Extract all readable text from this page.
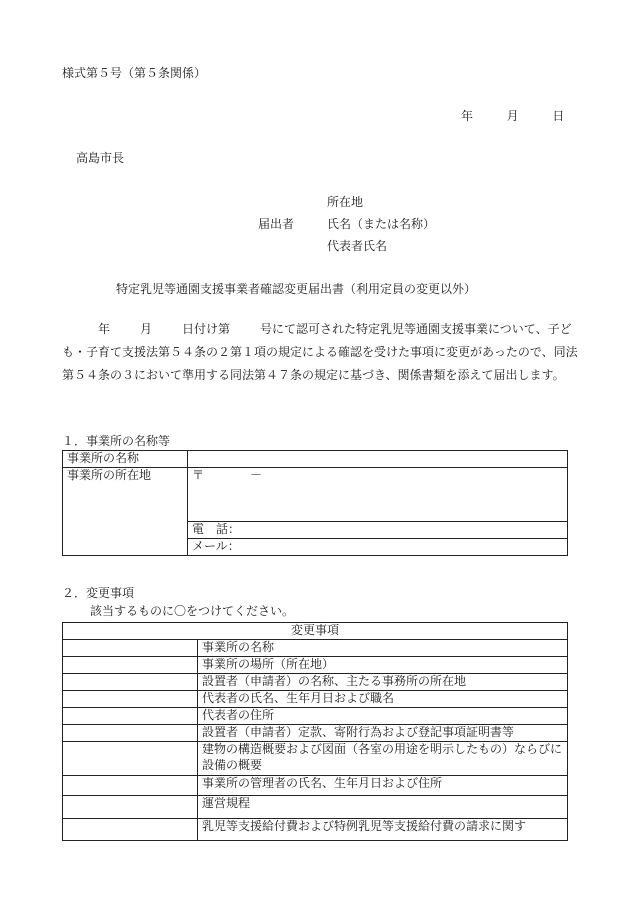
様式第５号（第５条関係）
年	月	日
高島市長
届出者
所在地
氏名（または名称）
代表者氏名
特定乳児等通園支援事業者確認変更届出書（利用定員の変更以外）
年	月	日付け第	号にて認可された特定乳児等通園支援事業について、子ども・子育て支援法第５４条の２第１項の規定による確認を受けた事項に変更があったので、同法第５４条の３において準用する同法第４７条の規定に基づき、関係書類を添えて届出します。
１．事業所の名称等
事業所の名称	
事業所の所在地	〒 －
	電　話：
	メール：
２．変更事項
該当するものに〇をつけてください。
変更事項	
	事業所の名称
	事業所の場所（所在地）
	設置者（申請者）の名称、主たる事務所の所在地
	代表者の氏名、生年月日および職名
	代表者の住所
	設置者（申請者）定款、寄附行為および登記事項証明書等
	建物の構造概要および図面（各室の用途を明示したもの）ならびに設備の概要
	事業所の管理者の氏名、生年月日および住所
	運営規程
	乳児等支援給付費および特例乳児等支援給付費の請求に関す
